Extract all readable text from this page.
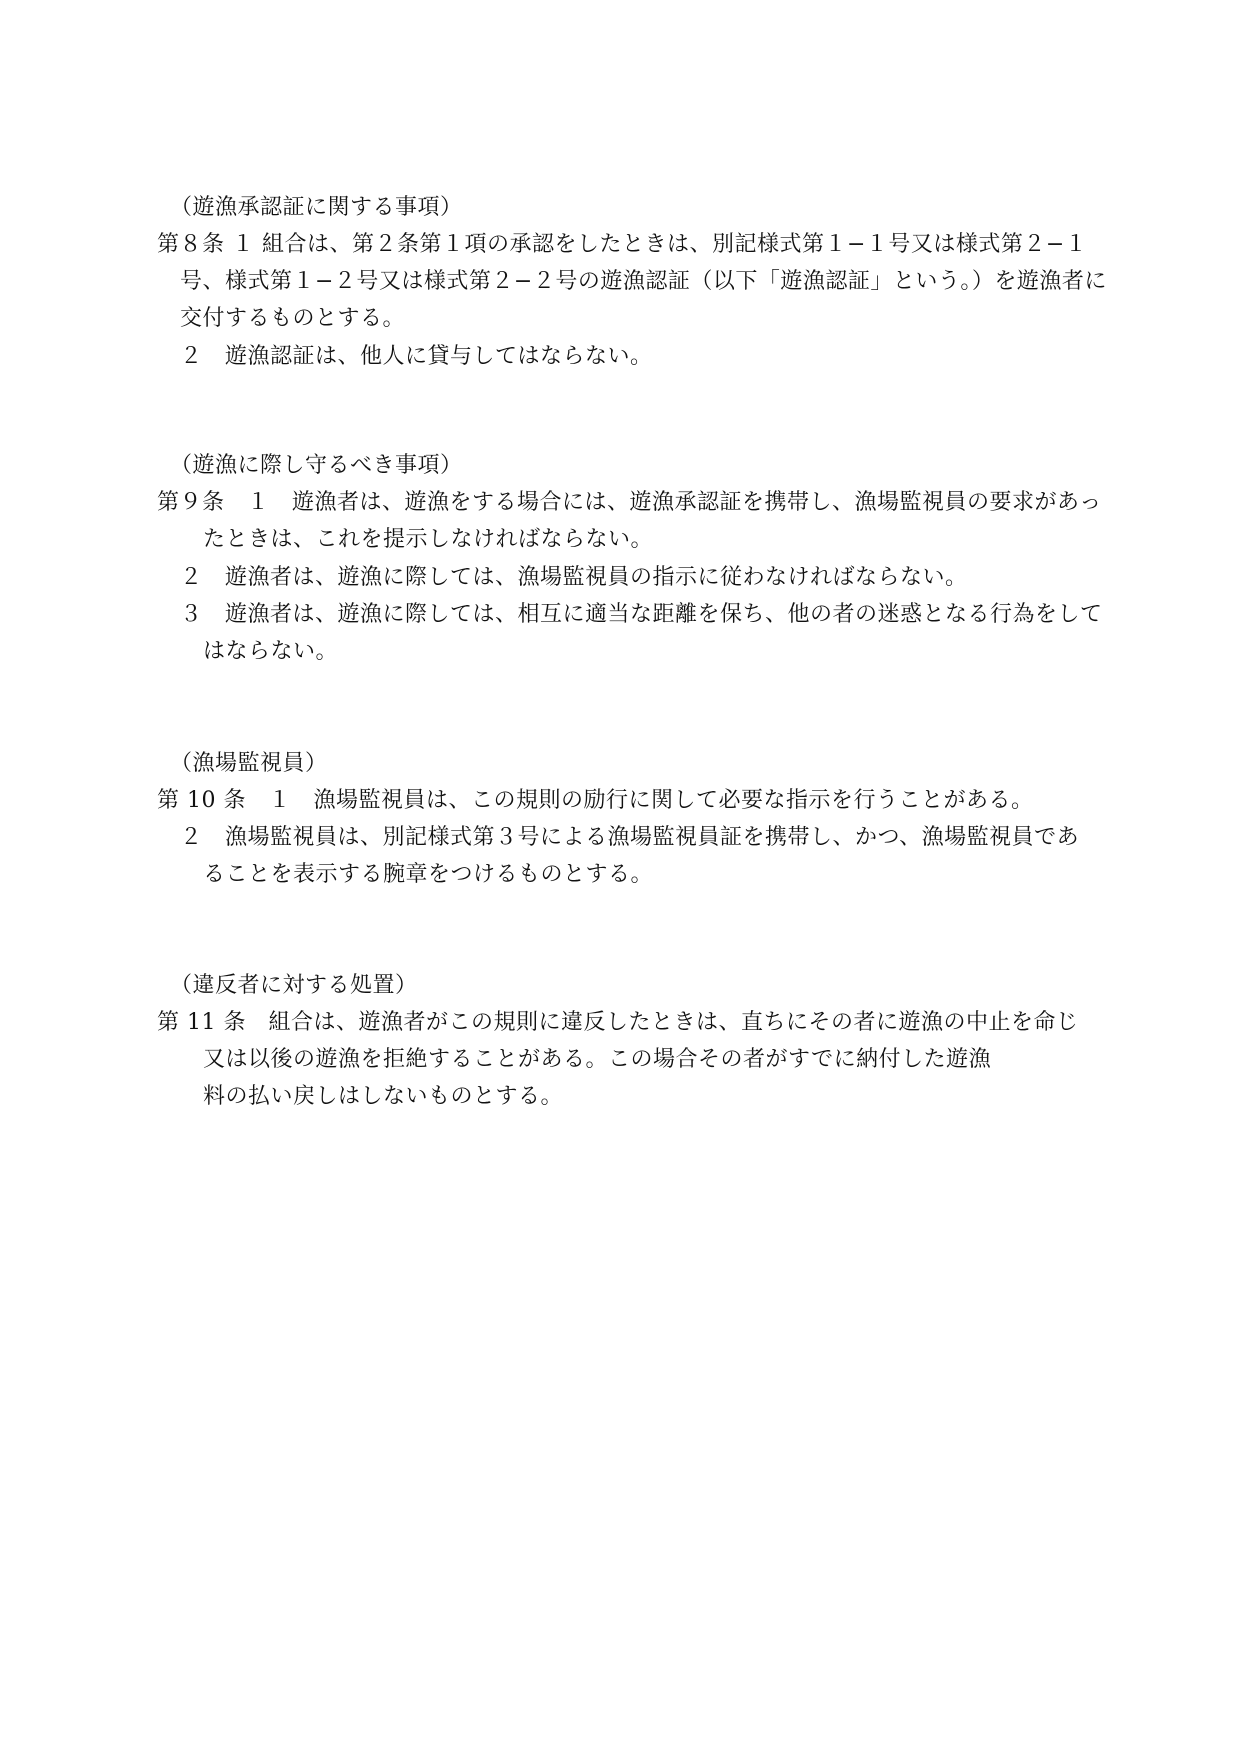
（遊漁承認証に関する事項）
第８条 １ 組合は、第２条第１項の承認をしたときは、別記様式第１−１号又は様式第２−１
号、様式第１−２号又は様式第２−２号の遊漁認証（以下「遊漁認証」という。）を遊漁者に
交付するものとする。
２　遊漁認証は、他人に貸与してはならない。
（遊漁に際し守るべき事項）
第９条　１　遊漁者は、遊漁をする場合には、遊漁承認証を携帯し、漁場監視員の要求があっ
たときは、これを提示しなければならない。
２　遊漁者は、遊漁に際しては、漁場監視員の指示に従わなければならない。
３　遊漁者は、遊漁に際しては、相互に適当な距離を保ち、他の者の迷惑となる行為をして
はならない。
（漁場監視員）
第 10 条　１　漁場監視員は、この規則の励行に関して必要な指示を行うことがある。
２　漁場監視員は、別記様式第３号による漁場監視員証を携帯し、かつ、漁場監視員であ
ることを表示する腕章をつけるものとする。
（違反者に対する処置）
第 11 条　組合は、遊漁者がこの規則に違反したときは、直ちにその者に遊漁の中止を命じ
又は以後の遊漁を拒絶することがある。この場合その者がすでに納付した遊漁
料の払い戻しはしないものとする。
